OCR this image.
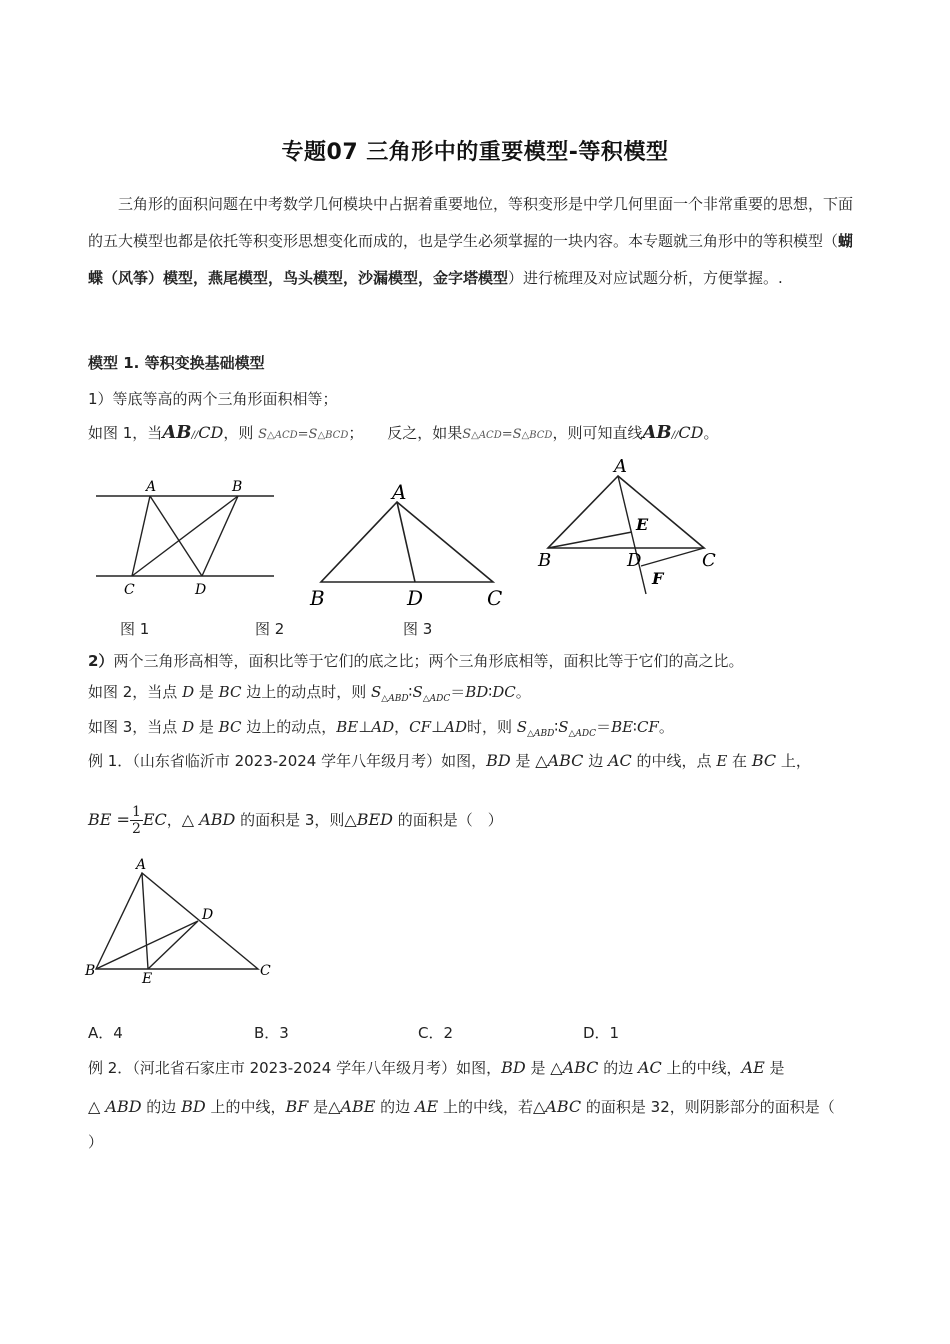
专题07 三角形中的重要模型-等积模型
三角形的面积问题在中考数学几何模块中占据着重要地位，等积变形是中学几何里面一个非常重要的思想，下面的五大模型也都是依托等积变形思想变化而成的，也是学生必须掌握的一块内容。本专题就三角形中的等积模型（蝴蝶（风筝）模型，燕尾模型，鸟头模型，沙漏模型，金字塔模型）进行梳理及对应试题分析，方便掌握。.
模型 1. 等积变换基础模型
1）等底等高的两个三角形面积相等；
如图 1，当AB//CD，则 S△ACD=S△BCD； 反之，如果S△ACD=S△BCD，则可知直线AB//CD。
A	B
C	D
A
B	D	C
A
E
B	D	C
F
图 1	图 2	图 3
2）两个三角形高相等，面积比等于它们的底之比；两个三角形底相等，面积比等于它们的高之比。
如图 2，当点 D 是 BC 边上的动点时，则 $S_{\triangle ABD}∶S_{\triangle ADC}=BD∶DC$。
如图 3，当点 D 是 BC 边上的动点，BE⊥AD，CF⊥AD时，则 $S_{\triangle ABD}∶S_{\triangle ADC}=BE∶CF$。
例 1．（山东省临沂市 2023-2024 学年八年级月考）如图，BD 是 △ABC 边 AC 的中线，点 E 在 BC 上，
BE = $\frac{1}{2}$ EC，△ ABD 的面积是 3，则△BED 的面积是（　）
A
D
B	E	C
A．4	B．3	C．2	D．1
例 2．（河北省石家庄市 2023-2024 学年八年级月考）如图，BD 是 △ABC 的边 AC 上的中线，AE 是
△ ABD 的边 BD 上的中线，BF 是△ABE 的边 AE 上的中线，若△ABC 的面积是 32，则阴影部分的面积是（
）
